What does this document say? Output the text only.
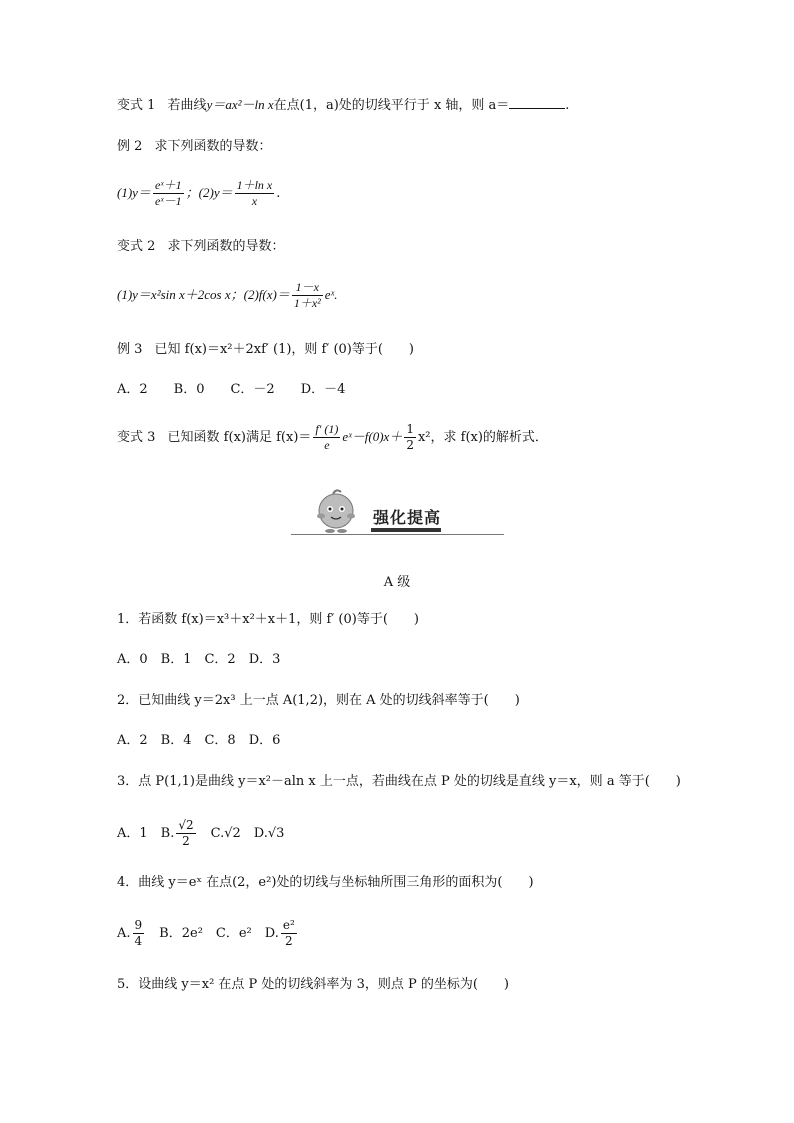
变式 1 若曲线y＝ax²－ln x在点(1，a)处的切线平行于 x 轴，则 a＝	.
例 2 求下列函数的导数：
$(1)y= \frac{\text{eˣ＋1}}{\text{eˣ－1}}$ ；$(2)y= \frac{\text{1＋ln x}}{x}$ .
变式 2 求下列函数的导数：
(1)y＝x²sin x＋2cos x；$(2)f(x)= \frac{1-x}{\text{1＋x²}}$ eˣ.
例 3 已知 f(x)＝x²＋2xf′ (1)，则 f′ (0)等于(　　)
A．2　　B．0　　C．－2　　D．－4
变式 3 已知函数 f(x)满足 $f(x)= \frac{f' (1)}{e}$ eˣ－f(0)x＋ $\frac{1}{2} x^2$，求 f(x)的解析式．
强化提高
A 级
1．若函数 f(x)＝x³＋x²＋x＋1，则 f′ (0)等于(　　)
A．0　B．1　C．2　D．3
2．已知曲线 y＝2x³ 上一点 A(1,2)，则在 A 处的切线斜率等于(　　)
A．2　B．4　C．8　D．6
3．点 P(1,1)是曲线 y＝x²－aln x 上一点，若曲线在点 P 处的切线是直线 y＝x，则 a 等于(　　)
A．1　B. $\frac{√2}{2}$ 　C.√2　D.√3
4．曲线 y＝eˣ 在点(2，e²)处的切线与坐标轴所围三角形的面积为(　　)
A. $\frac{9}{4}$ 　B．2e²　C．e²　D. $\frac{\text{e²}}{2}$
5．设曲线 y＝x² 在点 P 处的切线斜率为 3，则点 P 的坐标为(　　)
